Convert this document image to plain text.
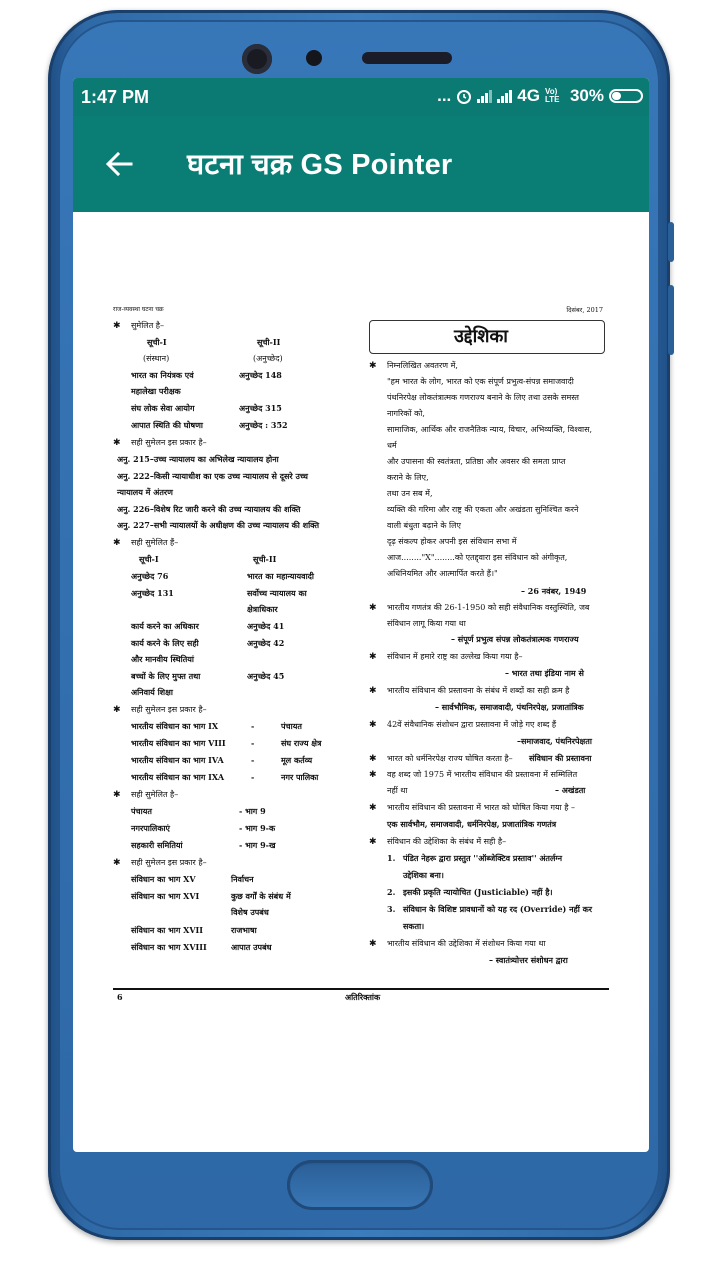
1:47 PM	...	4G Vo) LTE 30%
घटना चक्र GS Pointer
राज-व्यवस्था घटना चक्र	दिसंबर, 2017
✱ सुमेलित है–
सूची-I	सूची-II
(संस्थान)	(अनुच्छेद)
भारत का नियंत्रक एवं	अनुच्छेद 148
महालेखा परीक्षक
संघ लोक सेवा आयोग	अनुच्छेद 315
आपात स्थिति की घोषणा	अनुच्छेद : 352
✱ सही सुमेलन इस प्रकार है–
अनु. 215–उच्च न्यायालय का अभिलेख न्यायालय होना
अनु. 222–किसी न्यायाधीश का एक उच्च न्यायालय से दूसरे उच्च
न्यायालय में अंतरण
अनु. 226–विशेष रिट जारी करने की उच्च न्यायालय की शक्ति
अनु. 227–सभी न्यायालयों के अधीक्षण की उच्च न्यायालय की शक्ति
✱ सही सुमेलित हैं–
सूची-I	सूची-II
अनुच्छेद 76	भारत का महान्यायवादी
अनुच्छेद 131	सर्वोच्च न्यायालय का
क्षेत्राधिकार
कार्य करने का अधिकार	अनुच्छेद 41
कार्य करने के लिए सही	अनुच्छेद 42
और मानवीय स्थितियां
बच्चों के लिए मुफ्त तथा	अनुच्छेद 45
अनिवार्य शिक्षा
✱ सही सुमेलन इस प्रकार है–
भारतीय संविधान का भाग IX	-	पंचायत
भारतीय संविधान का भाग VIII	-	संघ राज्य क्षेत्र
भारतीय संविधान का भाग IVA	-	मूल कर्तव्य
भारतीय संविधान का भाग IXA	-	नगर पालिका
✱ सही सुमेलित है–
पंचायत	- भाग 9
नगरपालिकाएं	- भाग 9-क
सहकारी समितियां	- भाग 9-ख
✱ सही सुमेलन इस प्रकार है–
संविधान का भाग XV	निर्वाचन
संविधान का भाग XVI	कुछ वर्गों के संबंध में
विशेष उपबंध
संविधान का भाग XVII	राजभाषा
संविधान का भाग XVIII	आपात उपबंध
उद्देशिका
✱ निम्नलिखित अवतरण में,
"हम भारत के लोग, भारत को एक संपूर्ण प्रभुत्व-संपन्न समाजवादी
पंथनिरपेक्ष लोकतंत्रात्मक गणराज्य बनाने के लिए तथा उसके समस्त
नागरिकों को,
सामाजिक, आर्थिक और राजनैतिक न्याय, विचार, अभिव्यक्ति, विश्वास,
धर्म
और उपासना की स्वतंत्रता, प्रतिष्ठा और अवसर की समता प्राप्त
कराने के लिए,
तथा उन सब में,
व्यक्ति की गरिमा और राष्ट्र की एकता और अखंडता सुनिश्चित करने
वाली बंधुता बढ़ाने के लिए
दृढ़ संकल्प होकर अपनी इस संविधान सभा में
आज........"X"........को एतद्द्वारा इस संविधान को अंगीकृत,
अधिनियमित और आत्मार्पित करते हैं।"
– 26 नवंबर, 1949
✱ भारतीय गणतंत्र की 26-1-1950 को सही संवैधानिक वस्तुस्थिति, जब
संविधान लागू किया गया था
– संपूर्ण प्रभुत्व संपन्न लोकतंत्रात्मक गणराज्य
✱ संविधान में हमारे राष्ट्र का उल्लेख किया गया है–
– भारत तथा इंडिया नाम से
✱ भारतीय संविधान की प्रस्तावना के संबंध में शब्दों का सही क्रम है
– सार्वभौमिक, समाजवादी, पंथनिरपेक्ष, प्रजातांत्रिक
✱ 42वें संवैधानिक संशोधन द्वारा प्रस्तावना में जोड़े गए शब्द हैं
–समाजवाद, पंथनिरपेक्षता
✱ भारत को धर्मनिरपेक्ष राज्य घोषित करता है– संविधान की प्रस्तावना
✱ वह शब्द जो 1975 में भारतीय संविधान की प्रस्तावना में सम्मिलित
नहीं था	– अखंडता
✱ भारतीय संविधान की प्रस्तावना में भारत को घोषित किया गया है –
एक सार्वभौम, समाजवादी, धर्मनिरपेक्ष, प्रजातांत्रिक गणतंत्र
✱ संविधान की उद्देशिका के संबंध में सही है–
1. पंडित नेहरू द्वारा प्रस्तुत ''ऑब्जेक्टिव प्रस्ताव'' अंतर्लग्न
उद्देशिका बना।
2. इसकी प्रकृति न्यायोचित (Justiciable) नहीं है।
3. संविधान के विशिष्ट प्रावधानों को यह रद (Override) नहीं कर
सकता।
✱ भारतीय संविधान की उद्देशिका में संशोधन किया गया था
– स्वातंत्र्योत्तर संशोधन द्वारा
6	अतिरिक्तांक
